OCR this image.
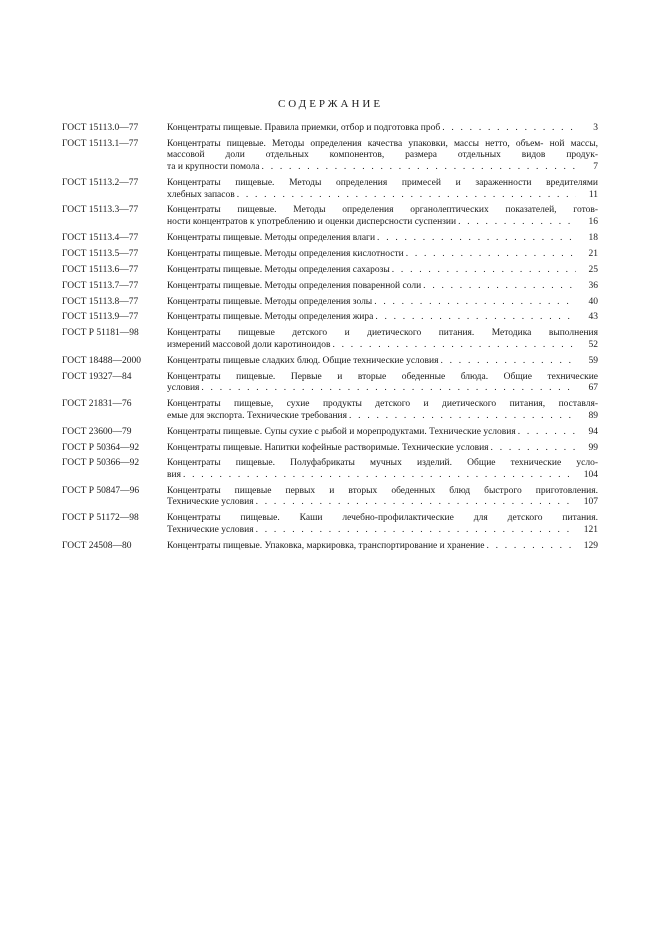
СОДЕРЖАНИЕ
ГОСТ 15113.0—77	Концентраты пищевые. Правила приемки, отбор и подготовка проб . . .	3
ГОСТ 15113.1—77	Концентраты пищевые. Методы определения качества упаковки, массы нетто, объем- ной массы, массовой доли отдельных компонентов, размера отдельных видов продук-
та и крупности помола . . .	7
ГОСТ 15113.2—77	Концентраты пищевые. Методы определения примесей и зараженности вредителями
хлебных запасов . . .	11
ГОСТ 15113.3—77	Концентраты пищевые. Методы определения органолептических показателей, готов-
ности концентратов к употреблению и оценки дисперсности суспензии . . .	16
ГОСТ 15113.4—77	Концентраты пищевые. Методы определения влаги . . .	18
ГОСТ 15113.5—77	Концентраты пищевые. Методы определения кислотности . . .	21
ГОСТ 15113.6—77	Концентраты пищевые. Методы определения сахарозы . . .	25
ГОСТ 15113.7—77	Концентраты пищевые. Методы определения поваренной соли . . .	36
ГОСТ 15113.8—77	Концентраты пищевые. Методы определения золы . . .	40
ГОСТ 15113.9—77	Концентраты пищевые. Методы определения жира . . .	43
ГОСТ Р 51181—98	Концентраты пищевые детского и диетического питания. Методика выполнения
измерений массовой доли каротиноидов . . .	52
ГОСТ 18488—2000	Концентраты пищевые сладких блюд. Общие технические условия . . .	59
ГОСТ 19327—84	Концентраты пищевые. Первые и вторые обеденные блюда. Общие технические
условия . . .	67
ГОСТ 21831—76	Концентраты пищевые, сухие продукты детского и диетического питания, поставля-
емые для экспорта. Технические требования . . .	89
ГОСТ 23600—79	Концентраты пищевые. Супы сухие с рыбой и морепродуктами. Технические условия . . .	94
ГОСТ Р 50364—92	Концентраты пищевые. Напитки кофейные растворимые. Технические условия . . .	99
ГОСТ Р 50366—92	Концентраты пищевые. Полуфабрикаты мучных изделий. Общие технические усло-
вия . . .	104
ГОСТ Р 50847—96	Концентраты пищевые первых и вторых обеденных блюд быстрого приготовления.
Технические условия . . .	107
ГОСТ Р 51172—98	Концентраты пищевые. Каши лечебно-профилактические для детского питания.
Технические условия . . .	121
ГОСТ 24508—80	Концентраты пищевые. Упаковка, маркировка, транспортирование и хранение . . .	129
